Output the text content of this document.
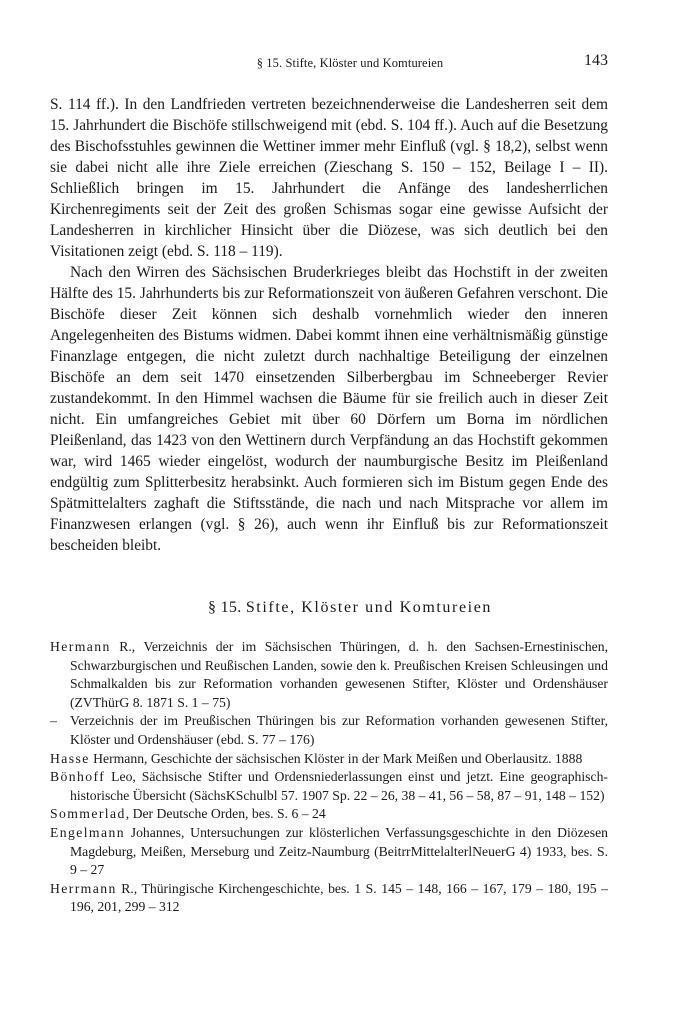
§ 15. Stifte, Klöster und Komtureien	143

S. 114 ff.). In den Landfrieden vertreten bezeichnenderweise die Landesherren seit dem 15. Jahrhundert die Bischöfe stillschweigend mit (ebd. S. 104 ff.). Auch auf die Besetzung des Bischofsstuhles gewinnen die Wettiner immer mehr Einfluß (vgl. § 18,2), selbst wenn sie dabei nicht alle ihre Ziele erreichen (Zieschang S. 150 – 152, Beilage I – II). Schließlich bringen im 15. Jahrhundert die Anfänge des landesherrlichen Kirchenregiments seit der Zeit des großen Schismas sogar eine gewisse Aufsicht der Landesherren in kirchlicher Hinsicht über die Diözese, was sich deutlich bei den Visitationen zeigt (ebd. S. 118 – 119).

Nach den Wirren des Sächsischen Bruderkrieges bleibt das Hochstift in der zweiten Hälfte des 15. Jahrhunderts bis zur Reformationszeit von äußeren Gefahren verschont. Die Bischöfe dieser Zeit können sich deshalb vornehmlich wieder den inneren Angelegenheiten des Bistums widmen. Dabei kommt ihnen eine verhältnismäßig günstige Finanzlage entgegen, die nicht zuletzt durch nachhaltige Beteiligung der einzelnen Bischöfe an dem seit 1470 einsetzenden Silberbergbau im Schneeberger Revier zustandekommt. In den Himmel wachsen die Bäume für sie freilich auch in dieser Zeit nicht. Ein umfangreiches Gebiet mit über 60 Dörfern um Borna im nördlichen Pleißenland, das 1423 von den Wettinern durch Verpfändung an das Hochstift gekommen war, wird 1465 wieder eingelöst, wodurch der naumburgische Besitz im Pleißenland endgültig zum Splitterbesitz herabsinkt. Auch formieren sich im Bistum gegen Ende des Spätmittelalters zaghaft die Stiftsstände, die nach und nach Mitsprache vor allem im Finanzwesen erlangen (vgl. § 26), auch wenn ihr Einfluß bis zur Reformationszeit bescheiden bleibt.

§ 15. Stifte, Klöster und Komtureien

Hermann R., Verzeichnis der im Sächsischen Thüringen, d. h. den Sachsen-Ernestinischen, Schwarzburgischen und Reußischen Landen, sowie den k. Preußischen Kreisen Schleusingen und Schmalkalden bis zur Reformation vorhanden gewesenen Stifter, Klöster und Ordenshäuser (ZVThürG 8. 1871 S. 1 – 75)

– Verzeichnis der im Preußischen Thüringen bis zur Reformation vorhanden gewesenen Stifter, Klöster und Ordenshäuser (ebd. S. 77 – 176)

Hasse Hermann, Geschichte der sächsischen Klöster in der Mark Meißen und Oberlausitz. 1888

Bönhoff Leo, Sächsische Stifter und Ordensniederlassungen einst und jetzt. Eine geographisch-historische Übersicht (SächsKSchulbl 57. 1907 Sp. 22 – 26, 38 – 41, 56 – 58, 87 – 91, 148 – 152)

Sommerlad, Der Deutsche Orden, bes. S. 6 – 24

Engelmann Johannes, Untersuchungen zur klösterlichen Verfassungsgeschichte in den Diözesen Magdeburg, Meißen, Merseburg und Zeitz-Naumburg (BeitrrMittelalterlNeuerG 4) 1933, bes. S. 9 – 27

Herrmann R., Thüringische Kirchengeschichte, bes. 1 S. 145 – 148, 166 – 167, 179 – 180, 195 – 196, 201, 299 – 312
